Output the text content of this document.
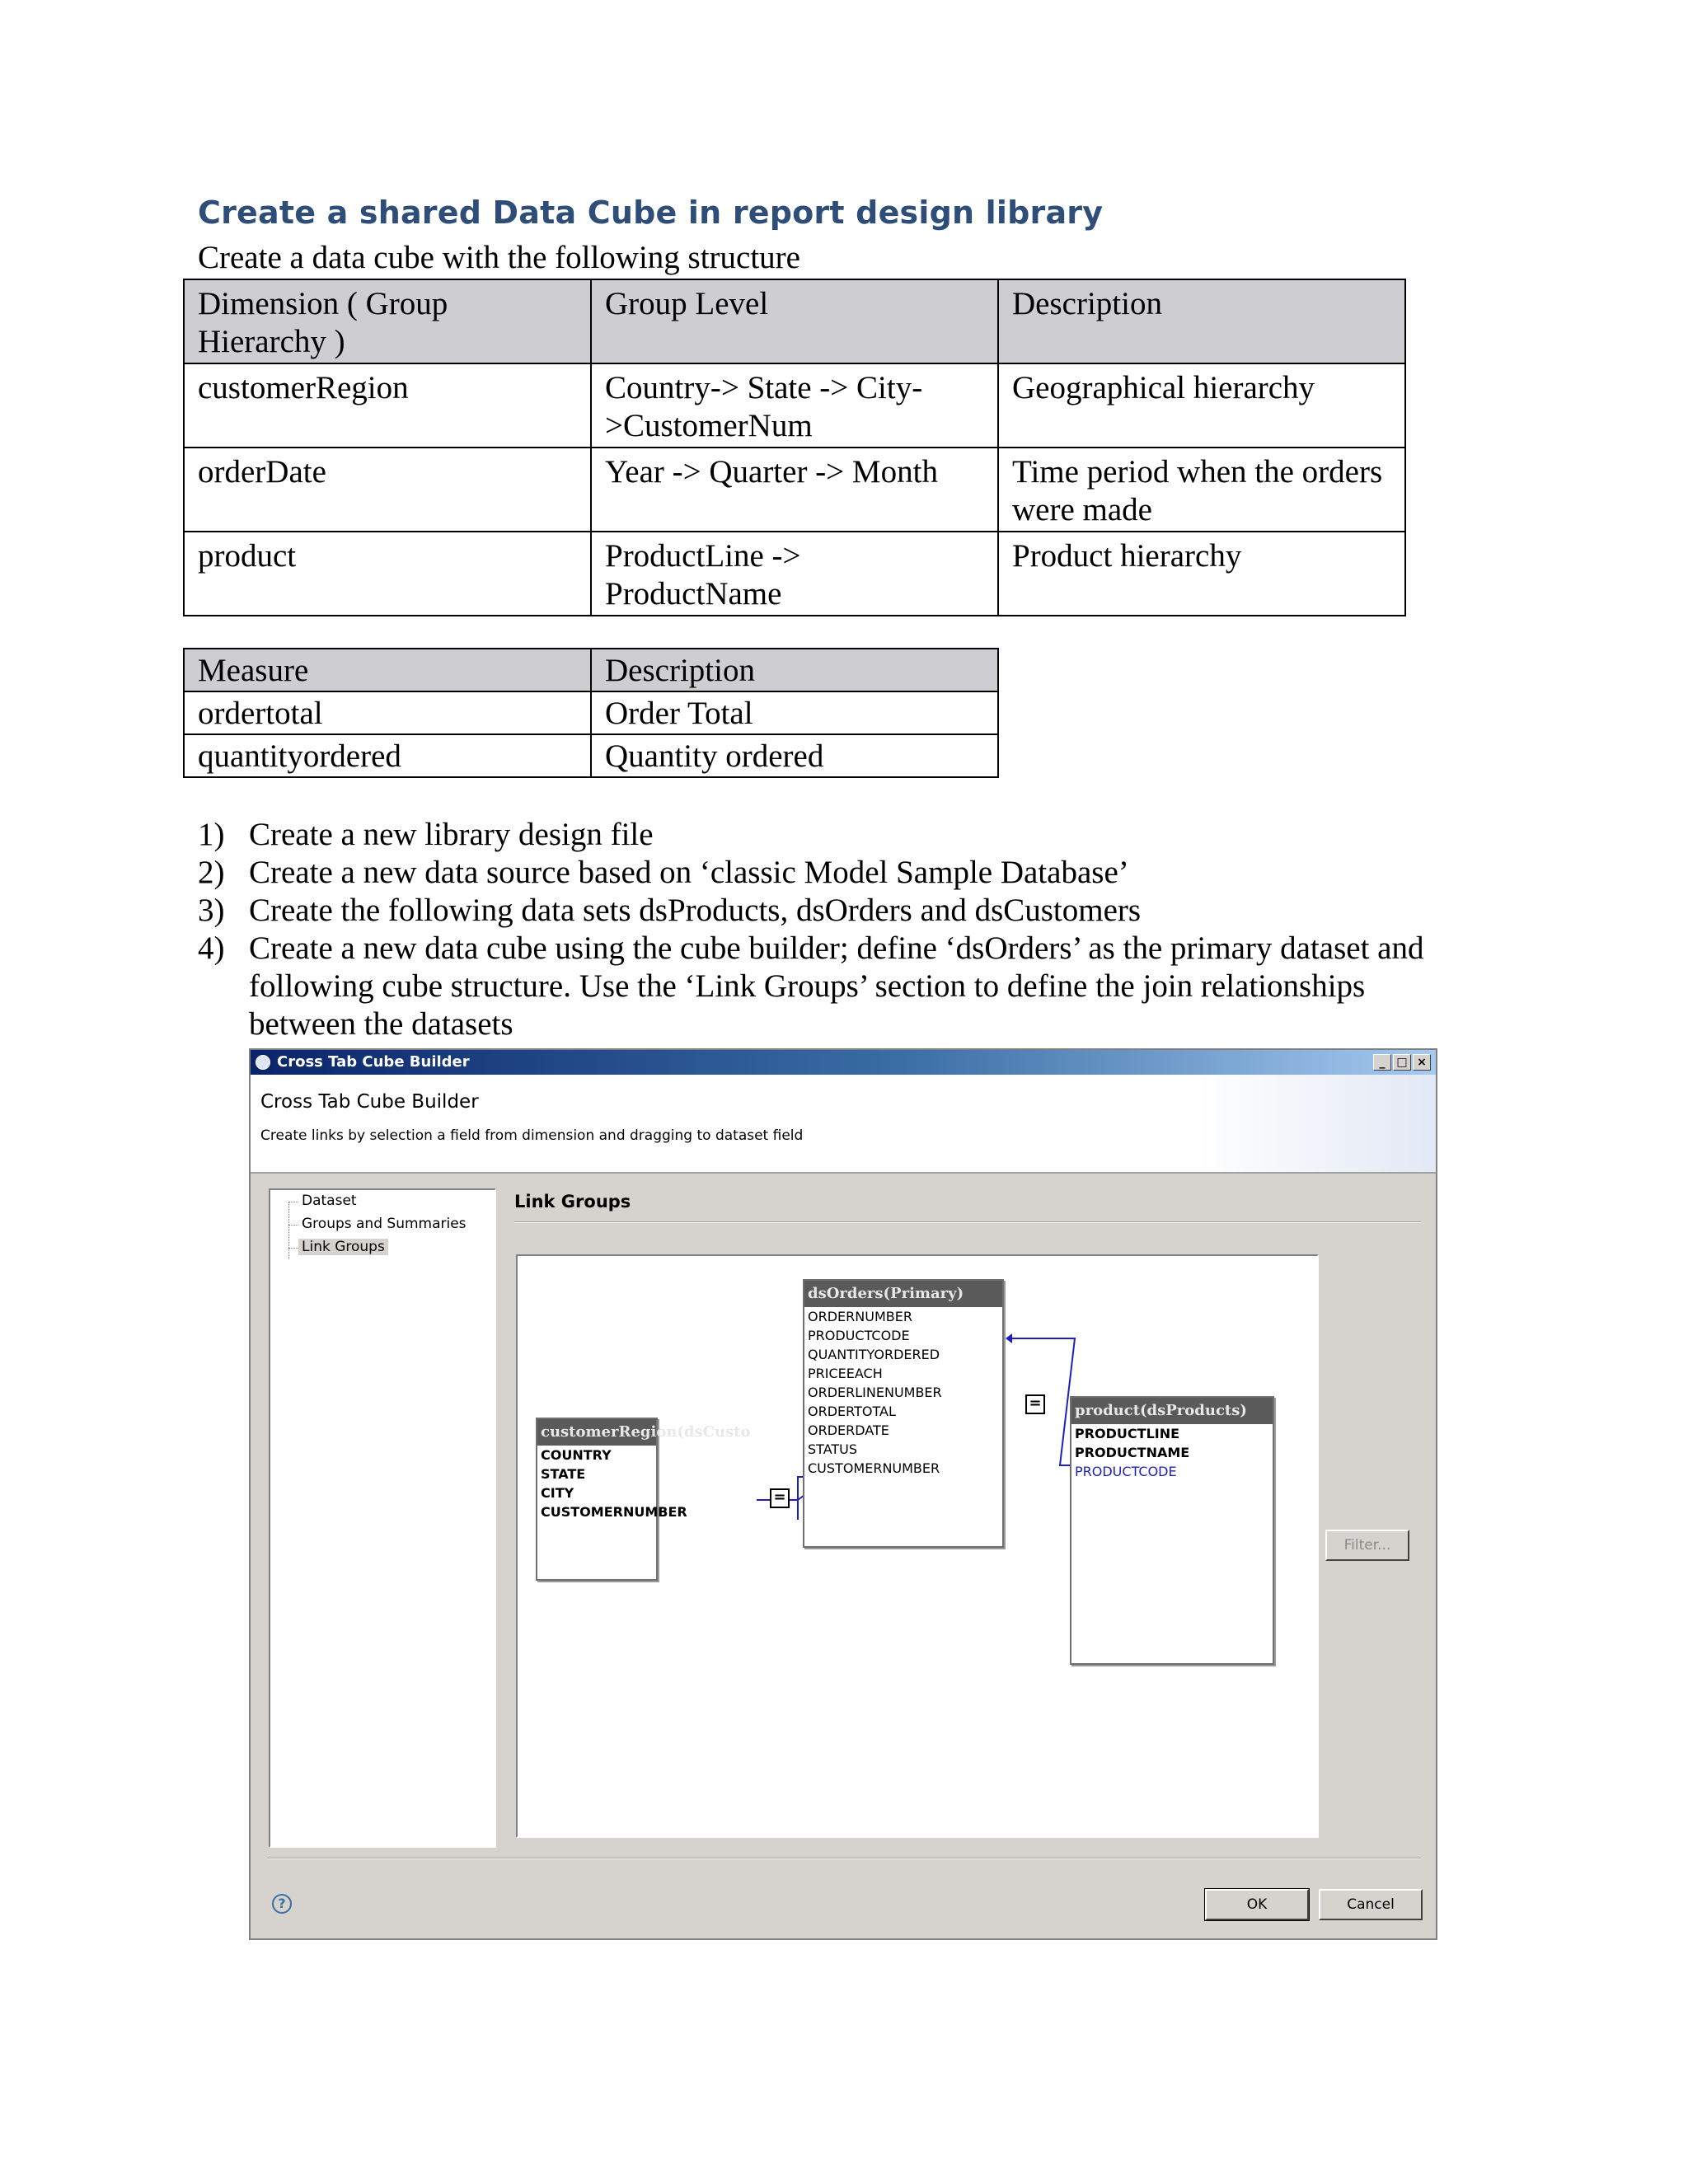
Create a shared Data Cube in report design library
Create a data cube with the following structure
Dimension ( Group Hierarchy )	Group Level	Description
customerRegion	Country-> State -> City->CustomerNum	Geographical hierarchy
orderDate	Year -> Quarter -> Month	Time period when the orders were made
product	ProductLine -> ProductName	Product hierarchy
Measure	Description
ordertotal	Order Total
quantityordered	Quantity ordered
1) Create a new library design file
2) Create a new data source based on ‘classic Model Sample Database’
3) Create the following data sets dsProducts, dsOrders and dsCustomers
4) Create a new data cube using the cube builder; define ‘dsOrders’ as the primary dataset and following cube structure. Use the ‘Link Groups’ section to define the join relationships between the datasets
Cross Tab Cube Builder	_ □ ×
Cross Tab Cube Builder
Create links by selection a field from dimension and dragging to dataset field
Dataset
Groups and Summaries
Link Groups
Link Groups
customerRegion(dsCusto
COUNTRY
STATE
CITY
CUSTOMERNUMBER
=
dsOrders(Primary)
ORDERNUMBER
PRODUCTCODE
QUANTITYORDERED
PRICEEACH
ORDERLINENUMBER
ORDERTOTAL
ORDERDATE
STATUS
CUSTOMERNUMBER
= product(dsProducts)
PRODUCTLINE
PRODUCTNAME
PRODUCTCODE
Filter...
?	OK	Cancel
